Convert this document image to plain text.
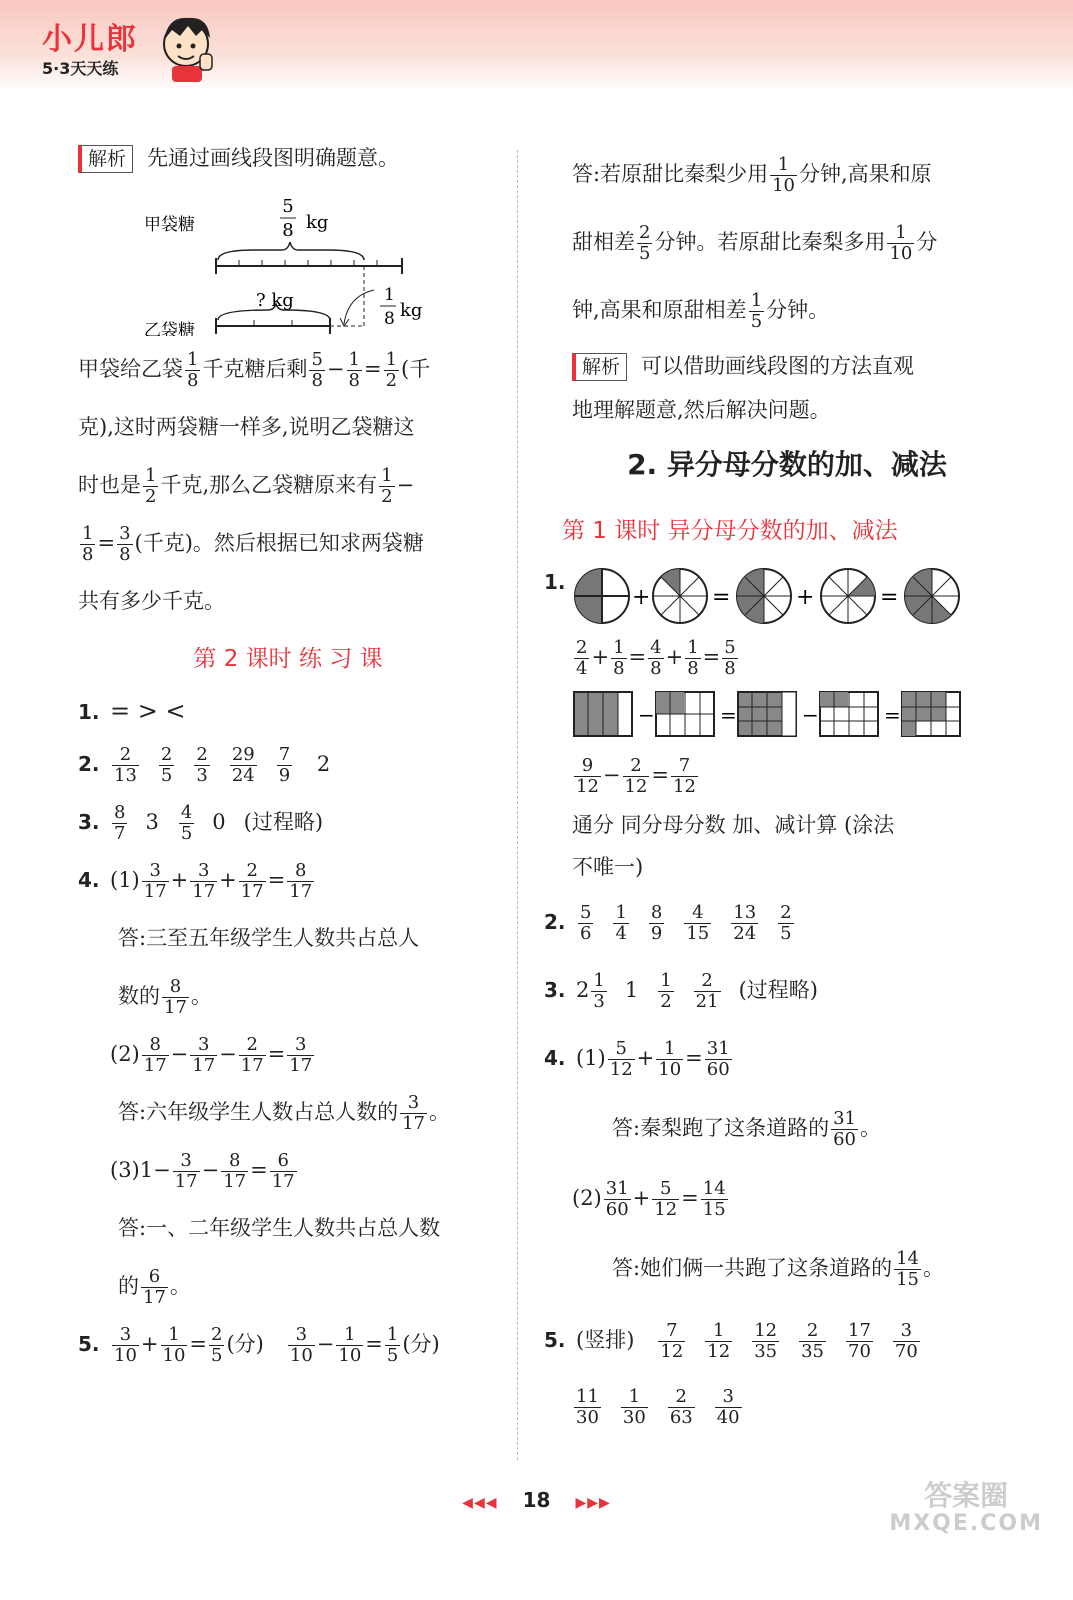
小儿郎
5·3天天练
解析 先通过画线段图明确题意。
5
8 kg
甲袋糖
? kg
乙袋糖
1
8 kg
甲袋给乙袋 $\frac{1}{8}$ 千克糖后剩 $\frac{5}{8} - \frac{1}{8} = \frac{1}{2}$ (千
克),这时两袋糖一样多,说明乙袋糖这
时也是 $\frac{1}{2}$ 千克,那么乙袋糖原来有 $\frac{1}{2}$ −
$\frac{1}{8} = \frac{3}{8}$ (千克)。然后根据已知求两袋糖
共有多少千克。
第 2 课时 练 习 课
1. = > <
2. $\frac{2}{13} \frac{2}{5} \frac{2}{3} \frac{29}{24} \frac{7}{9} 2$
3. $\frac{8}{7} 3 \frac{4}{5} 0$ (过程略)
4. $(1) \frac{3}{17} + \frac{3}{17} + \frac{2}{17} = \frac{8}{17}$
答:三至五年级学生人数共占总人
数的 $\frac{8}{17}$ 。
$(2) \frac{8}{17} - \frac{3}{17} - \frac{2}{17} = \frac{3}{17}$
答:六年级学生人数占总人数的 $\frac{3}{17}$ 。
$(3)1- \frac{3}{17} - \frac{8}{17} = \frac{6}{17}$
答:一、二年级学生人数共占总人数
的 $\frac{6}{17}$ 。
5. $\frac{3}{10} + \frac{1}{10} = \frac{2}{5}$ (分) $\frac{3}{10} - \frac{1}{10} = \frac{1}{5}$ (分)
答:若原甜比秦梨少用 $\frac{1}{10}$ 分钟,高果和原
甜相差 $\frac{2}{5}$ 分钟。若原甜比秦梨多用 $\frac{1}{10}$ 分
钟,高果和原甜相差 $\frac{1}{5}$ 分钟。
解析 可以借助画线段图的方法直观
地理解题意,然后解决问题。
2. 异分母分数的加、减法
第 1 课时 异分母分数的加、减法
1.
+	=	+	=
$\frac{2}{4} + \frac{1}{8} = \frac{4}{8} + \frac{1}{8} = \frac{5}{8}$
−	=	−	=
$\frac{9}{12} - \frac{2}{12} = \frac{7}{12}$
通分 同分母分数 加、减计算 (涂法
不唯一)
2. $\frac{5}{6} \frac{1}{4} \frac{8}{9} \frac{4}{15} \frac{13}{24} \frac{2}{5}$
3. $2 \frac{1}{3} 1 \frac{1}{2} \frac{2}{21}$ (过程略)
4. $(1) \frac{5}{12} + \frac{1}{10} = \frac{31}{60}$
答:秦梨跑了这条道路的 $\frac{31}{60}$ 。
$(2) \frac{31}{60} + \frac{5}{12} = \frac{14}{15}$
答:她们俩一共跑了这条道路的 $\frac{14}{15}$ 。
5. (竖排) $\frac{7}{12} \frac{1}{12} \frac{12}{35} \frac{2}{35} \frac{17}{70} \frac{3}{70}$
$\frac{11}{30} \frac{1}{30} \frac{2}{63} \frac{3}{40}$
◀◀◀ 18 ▶▶▶	答案圈
MXQE.COM
